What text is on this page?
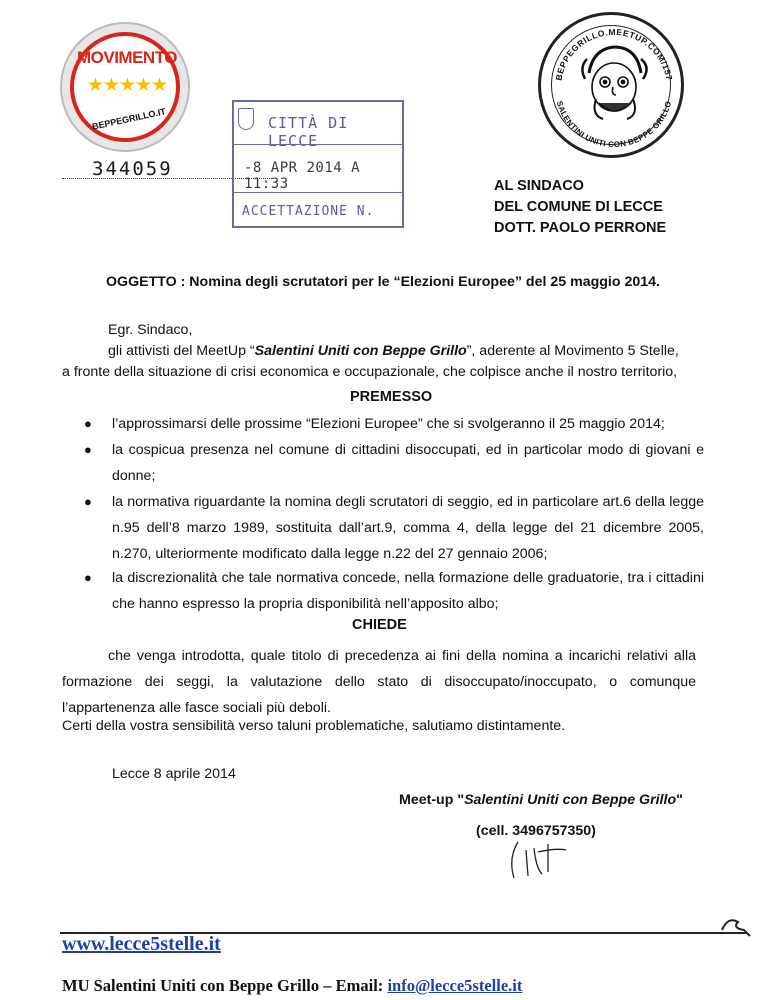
MOVIMENTO
★★★★★
BEPPEGRILLO.IT
BEPPEGRILLO.MEETUP.COM/157
SALENTINI UNITI CON BEPPE GRILLO
344059
CITTÀ DI LECCE
-8 APR 2014 A 11:33
ACCETTAZIONE N.
AL SINDACO
DEL COMUNE DI LECCE
DOTT. PAOLO PERRONE
OGGETTO : Nomina degli scrutatori per le “Elezioni Europee” del 25 maggio 2014.
Egr. Sindaco,
gli attivisti del MeetUp “Salentini Uniti con Beppe Grillo”, aderente al Movimento 5 Stelle,
a fronte della situazione di crisi economica e occupazionale, che colpisce anche il nostro territorio,
PREMESSO
● l’approssimarsi delle prossime “Elezioni Europee” che si svolgeranno il 25 maggio 2014;
● la cospicua presenza nel comune di cittadini disoccupati, ed in particolar modo di giovani e donne;
● la normativa riguardante la nomina degli scrutatori di seggio, ed in particolare art.6 della legge n.95 dell’8 marzo 1989, sostituita dall’art.9, comma 4, della legge del 21 dicembre 2005, n.270, ulteriormente modificato dalla legge n.22 del 27 gennaio 2006;
● la discrezionalità che tale normativa concede, nella formazione delle graduatorie, tra i cittadini che hanno espresso la propria disponibilità nell’apposito albo;
CHIEDE
che venga introdotta, quale titolo di precedenza ai fini della nomina a incarichi relativi alla formazione dei seggi, la valutazione dello stato di disoccupato/inoccupato, o comunque l’appartenenza alle fasce sociali più deboli.
Certi della vostra sensibilità verso taluni problematiche, salutiamo distintamente.
Lecce 8 aprile 2014
Meet-up "Salentini Uniti con Beppe Grillo"
(cell. 3496757350)
www.lecce5stelle.it
MU Salentini Uniti con Beppe Grillo – Email: info@lecce5stelle.it
